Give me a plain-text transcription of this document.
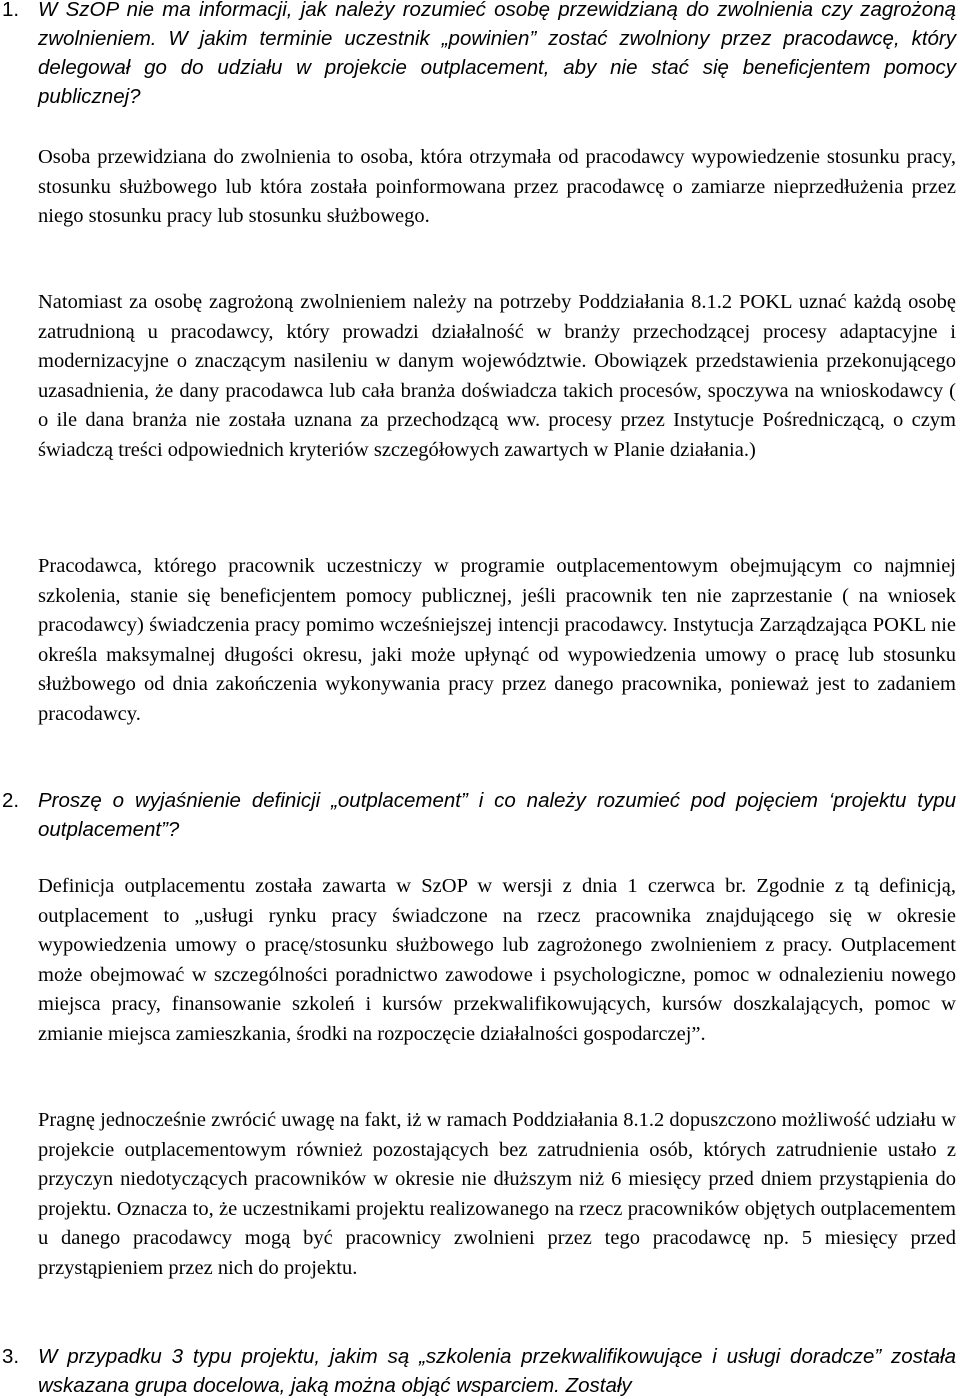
1. W SzOP nie ma informacji, jak należy rozumieć osobę przewidzianą do zwolnienia czy zagrożoną zwolnieniem. W jakim terminie uczestnik „powinien” zostać zwolniony przez pracodawcę, który delegował go do udziału w projekcie outplacement, aby nie stać się beneficjentem pomocy publicznej?

Osoba przewidziana do zwolnienia to osoba, która otrzymała od pracodawcy wypowiedzenie stosunku pracy, stosunku służbowego lub która została poinformowana przez pracodawcę o zamiarze nieprzedłużenia przez niego stosunku pracy lub stosunku służbowego.

Natomiast za osobę zagrożoną zwolnieniem należy na potrzeby Poddziałania 8.1.2 POKL uznać każdą osobę zatrudnioną u pracodawcy, który prowadzi działalność w branży przechodzącej procesy adaptacyjne i modernizacyjne o znaczącym nasileniu w danym województwie. Obowiązek przedstawienia przekonującego uzasadnienia, że dany pracodawca lub cała branża doświadcza takich procesów, spoczywa na wnioskodawcy ( o ile dana branża nie została uznana za przechodzącą ww. procesy przez Instytucje Pośredniczącą, o czym świadczą treści odpowiednich kryteriów szczegółowych zawartych w Planie działania.)

Pracodawca, którego pracownik uczestniczy w programie outplacementowym obejmującym co najmniej szkolenia, stanie się beneficjentem pomocy publicznej, jeśli pracownik ten nie zaprzestanie ( na wniosek pracodawcy) świadczenia pracy pomimo wcześniejszej intencji pracodawcy. Instytucja Zarządzająca POKL nie określa maksymalnej długości okresu, jaki może upłynąć od wypowiedzenia umowy o pracę lub stosunku służbowego od dnia zakończenia wykonywania pracy przez danego pracownika, ponieważ jest to zadaniem pracodawcy.

2. Proszę o wyjaśnienie definicji „outplacement” i co należy rozumieć pod pojęciem ‘projektu typu outplacement”?

Definicja outplacementu została zawarta w SzOP w wersji z dnia 1 czerwca br. Zgodnie z tą definicją, outplacement to „usługi rynku pracy świadczone na rzecz pracownika znajdującego się w okresie wypowiedzenia umowy o pracę/stosunku służbowego lub zagrożonego zwolnieniem z pracy. Outplacement może obejmować w szczególności poradnictwo zawodowe i psychologiczne, pomoc w odnalezieniu nowego miejsca pracy, finansowanie szkoleń i kursów przekwalifikowujących, kursów doszkalających, pomoc w zmianie miejsca zamieszkania, środki na rozpoczęcie działalności gospodarczej”.

Pragnę jednocześnie zwrócić uwagę na fakt, iż w ramach Poddziałania 8.1.2 dopuszczono możliwość udziału w projekcie outplacementowym również pozostających bez zatrudnienia osób, których zatrudnienie ustało z przyczyn niedotyczących pracowników w okresie nie dłuższym niż 6 miesięcy przed dniem przystąpienia do projektu. Oznacza to, że uczestnikami projektu realizowanego na rzecz pracowników objętych outplacementem u danego pracodawcy mogą być pracownicy zwolnieni przez tego pracodawcę np. 5 miesięcy przed przystąpieniem przez nich do projektu.

3. W przypadku 3 typu projektu, jakim są „szkolenia przekwalifikowujące i usługi doradcze” została wskazana grupa docelowa, jaką można objąć wsparciem. Zostały
